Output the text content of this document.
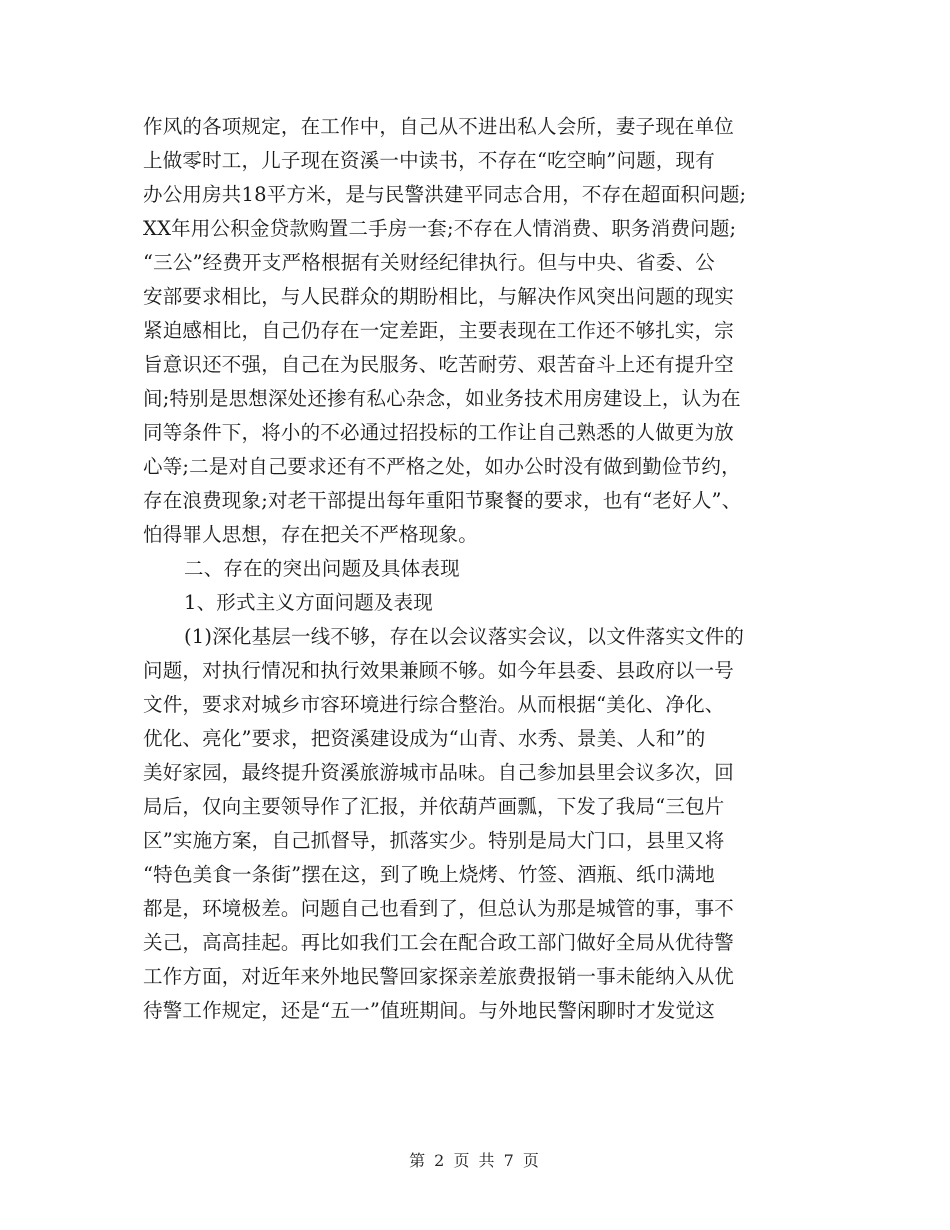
作风的各项规定，在工作中，自己从不进出私人会所，妻子现在单位
上做零时工，儿子现在资溪一中读书，不存在“吃空晌”问题，现有
办公用房共18平方米，是与民警洪建平同志合用，不存在超面积问题;
XX年用公积金贷款购置二手房一套;不存在人情消费、职务消费问题;
“三公”经费开支严格根据有关财经纪律执行。但与中央、省委、公
安部要求相比，与人民群众的期盼相比，与解决作风突出问题的现实
紧迫感相比，自己仍存在一定差距，主要表现在工作还不够扎实，宗
旨意识还不强，自己在为民服务、吃苦耐劳、艰苦奋斗上还有提升空
间;特别是思想深处还掺有私心杂念，如业务技术用房建设上，认为在
同等条件下，将小的不必通过招投标的工作让自己熟悉的人做更为放
心等;二是对自己要求还有不严格之处，如办公时没有做到勤俭节约，
存在浪费现象;对老干部提出每年重阳节聚餐的要求，也有“老好人”、
怕得罪人思想，存在把关不严格现象。
二、存在的突出问题及具体表现
1、形式主义方面问题及表现
(1)深化基层一线不够，存在以会议落实会议，以文件落实文件的
问题，对执行情况和执行效果兼顾不够。如今年县委、县政府以一号
文件，要求对城乡市容环境进行综合整治。从而根据“美化、净化、
优化、亮化”要求，把资溪建设成为“山青、水秀、景美、人和”的
美好家园，最终提升资溪旅游城市品味。自己参加县里会议多次，回
局后，仅向主要领导作了汇报，并依葫芦画瓢，下发了我局“三包片
区”实施方案，自己抓督导，抓落实少。特别是局大门口，县里又将
“特色美食一条街”摆在这，到了晚上烧烤、竹签、酒瓶、纸巾满地
都是，环境极差。问题自己也看到了，但总认为那是城管的事，事不
关己，高高挂起。再比如我们工会在配合政工部门做好全局从优待警
工作方面，对近年来外地民警回家探亲差旅费报销一事未能纳入从优
待警工作规定，还是“五一”值班期间。与外地民警闲聊时才发觉这
第 2 页 共 7 页
